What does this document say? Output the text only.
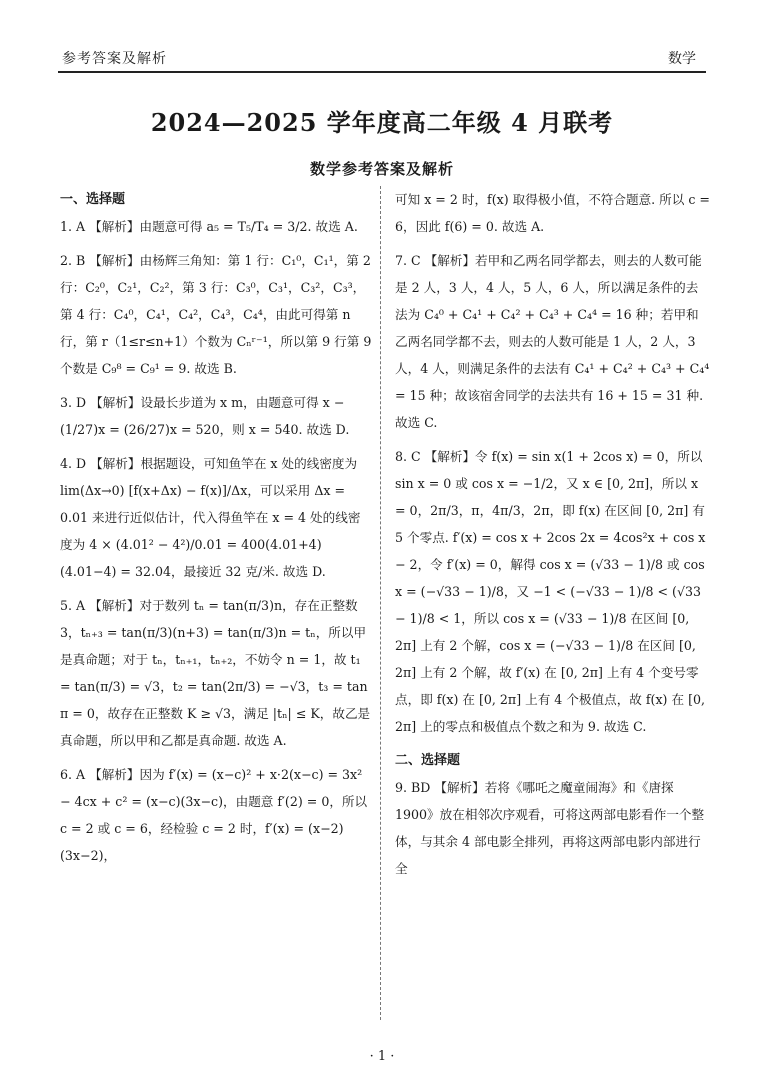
参考答案及解析	数学
2024—2025 学年度高二年级 4 月联考
数学参考答案及解析

一、选择题

1. A 【解析】由题意可得 a₅ = T₅/T₄ = 3/2. 故选 A.

2. B 【解析】由杨辉三角知：第 1 行：C₁⁰，C₁¹，第 2 行：C₂⁰，C₂¹，C₂²，第 3 行：C₃⁰，C₃¹，C₃²，C₃³，第 4 行：C₄⁰，C₄¹，C₄²，C₄³，C₄⁴，由此可得第 n 行，第 r（1≤r≤n+1）个数为 Cₙʳ⁻¹，所以第 9 行第 9 个数是 C₉⁸ = C₉¹ = 9. 故选 B.

3. D 【解析】设最长步道为 x m，由题意可得 x − (1/27)x = (26/27)x = 520，则 x = 540. 故选 D.

4. D 【解析】根据题设，可知鱼竿在 x 处的线密度为 lim(Δx→0) [f(x+Δx) − f(x)]/Δx，可以采用 Δx = 0.01 来进行近似估计，代入得鱼竿在 x = 4 处的线密度为 4 × (4.01² − 4²)/0.01 = 400(4.01+4)(4.01−4) = 32.04，最接近 32 克/米. 故选 D.

5. A 【解析】对于数列 tₙ = tan(π/3)n，存在正整数 3，tₙ₊₃ = tan(π/3)(n+3) = tan(π/3)n = tₙ，所以甲是真命题；对于 tₙ，tₙ₊₁，tₙ₊₂，不妨令 n = 1，故 t₁ = tan(π/3) = √3，t₂ = tan(2π/3) = −√3，t₃ = tan π = 0，故存在正整数 K ≥ √3，满足 |tₙ| ≤ K，故乙是真命题，所以甲和乙都是真命题. 故选 A.

6. A 【解析】因为 f′(x) = (x−c)² + x·2(x−c) = 3x² − 4cx + c² = (x−c)(3x−c)，由题意 f′(2) = 0，所以 c = 2 或 c = 6，经检验 c = 2 时，f′(x) = (x−2)(3x−2)，

可知 x = 2 时，f(x) 取得极小值，不符合题意. 所以 c = 6，因此 f(6) = 0. 故选 A.

7. C 【解析】若甲和乙两名同学都去，则去的人数可能是 2 人，3 人，4 人，5 人，6 人，所以满足条件的去法为 C₄⁰ + C₄¹ + C₄² + C₄³ + C₄⁴ = 16 种；若甲和乙两名同学都不去，则去的人数可能是 1 人，2 人，3 人，4 人，则满足条件的去法有 C₄¹ + C₄² + C₄³ + C₄⁴ = 15 种；故该宿舍同学的去法共有 16 + 15 = 31 种. 故选 C.

8. C 【解析】令 f(x) = sin x(1 + 2cos x) = 0，所以 sin x = 0 或 cos x = −1/2，又 x ∈ [0, 2π]，所以 x = 0，2π/3，π，4π/3，2π，即 f(x) 在区间 [0, 2π] 有 5 个零点. f′(x) = cos x + 2cos 2x = 4cos²x + cos x − 2，令 f′(x) = 0，解得 cos x = (√33 − 1)/8 或 cos x = (−√33 − 1)/8，又 −1 < (−√33 − 1)/8 < (√33 − 1)/8 < 1，所以 cos x = (√33 − 1)/8 在区间 [0, 2π] 上有 2 个解，cos x = (−√33 − 1)/8 在区间 [0, 2π] 上有 2 个解，故 f′(x) 在 [0, 2π] 上有 4 个变号零点，即 f(x) 在 [0, 2π] 上有 4 个极值点，故 f(x) 在 [0, 2π] 上的零点和极值点个数之和为 9. 故选 C.

二、选择题

9. BD 【解析】若将《哪吒之魔童闹海》和《唐探 1900》放在相邻次序观看，可将这两部电影看作一个整体，与其余 4 部电影全排列，再将这两部电影内部进行全

· 1 ·
